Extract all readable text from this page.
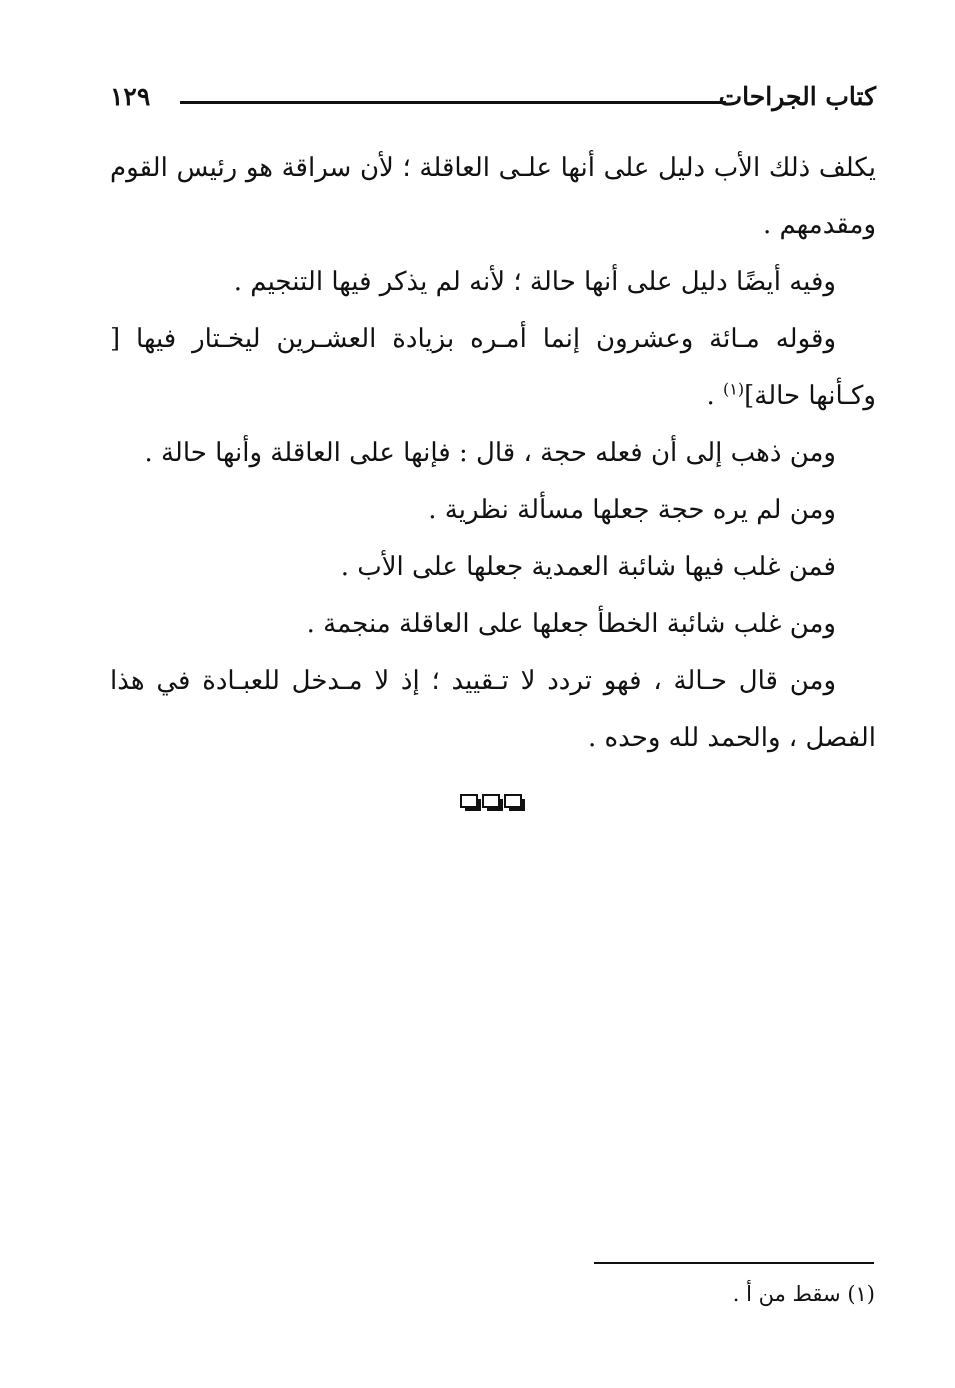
كتاب الجراحات
١٢٩

يكلف ذلك الأب دليل على أنها علـى العاقلة ؛ لأن سراقة هو رئيس القوم ومقدمهم .

وفيه أيضًا دليل على أنها حالة ؛ لأنه لم يذكر فيها التنجيم .

وقوله مـائة وعشرون إنما أمـره بزيادة العشـرين ليخـتار فيها [ وكـأنها حالة]$^{(١)}$ .

ومن ذهب إلى أن فعله حجة ، قال : فإنها على العاقلة وأنها حالة .

ومن لم يره حجة جعلها مسألة نظرية .

فمن غلب فيها شائبة العمدية جعلها على الأب .

ومن غلب شائبة الخطأ جعلها على العاقلة منجمة .

ومن قال حـالة ، فهو تردد لا تـقييد ؛ إذ لا مـدخل للعبـادة في هذا الفصل ، والحمد لله وحده .

(١) سقط من أ .
